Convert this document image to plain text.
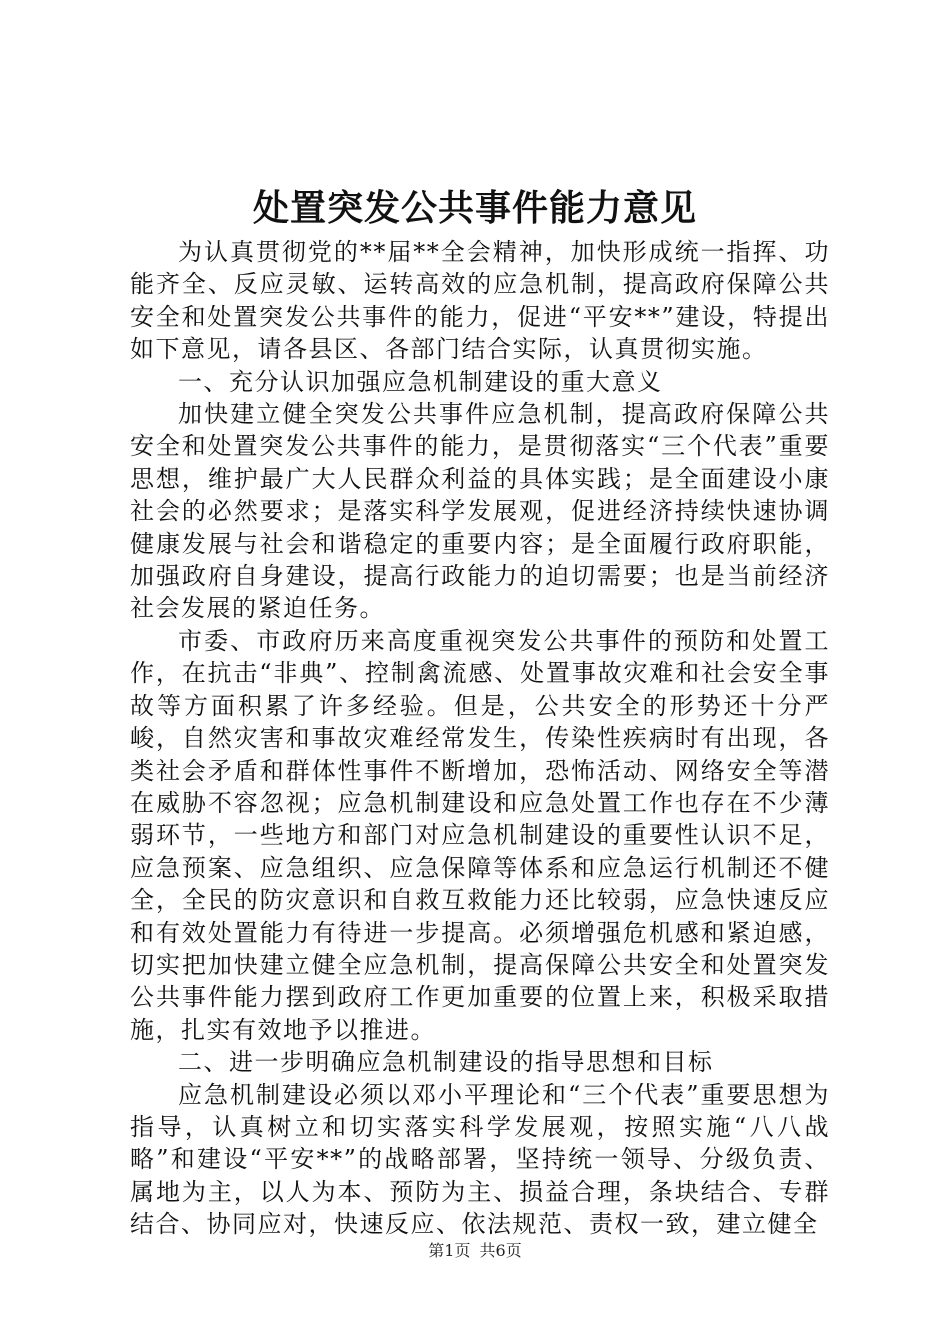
处置突发公共事件能力意见

为认真贯彻党的**届**全会精神，加快形成统一指挥、功能齐全、反应灵敏、运转高效的应急机制，提高政府保障公共安全和处置突发公共事件的能力，促进“平安**”建设，特提出如下意见，请各县区、各部门结合实际，认真贯彻实施。

一、充分认识加强应急机制建设的重大意义

加快建立健全突发公共事件应急机制，提高政府保障公共安全和处置突发公共事件的能力，是贯彻落实“三个代表”重要思想，维护最广大人民群众利益的具体实践；是全面建设小康社会的必然要求；是落实科学发展观，促进经济持续快速协调健康发展与社会和谐稳定的重要内容；是全面履行政府职能，加强政府自身建设，提高行政能力的迫切需要；也是当前经济社会发展的紧迫任务。

市委、市政府历来高度重视突发公共事件的预防和处置工作，在抗击“非典”、控制禽流感、处置事故灾难和社会安全事故等方面积累了许多经验。但是，公共安全的形势还十分严峻，自然灾害和事故灾难经常发生，传染性疾病时有出现，各类社会矛盾和群体性事件不断增加，恐怖活动、网络安全等潜在威胁不容忽视；应急机制建设和应急处置工作也存在不少薄弱环节，一些地方和部门对应急机制建设的重要性认识不足，应急预案、应急组织、应急保障等体系和应急运行机制还不健全，全民的防灾意识和自救互救能力还比较弱，应急快速反应和有效处置能力有待进一步提高。必须增强危机感和紧迫感，切实把加快建立健全应急机制，提高保障公共安全和处置突发公共事件能力摆到政府工作更加重要的位置上来，积极采取措施，扎实有效地予以推进。

二、进一步明确应急机制建设的指导思想和目标

应急机制建设必须以邓小平理论和“三个代表”重要思想为指导，认真树立和切实落实科学发展观，按照实施“八八战略”和建设“平安**”的战略部署，坚持统一领导、分级负责、属地为主，以人为本、预防为主、损益合理，条块结合、专群结合、协同应对，快速反应、依法规范、责权一致，建立健全

第1页 共6页
